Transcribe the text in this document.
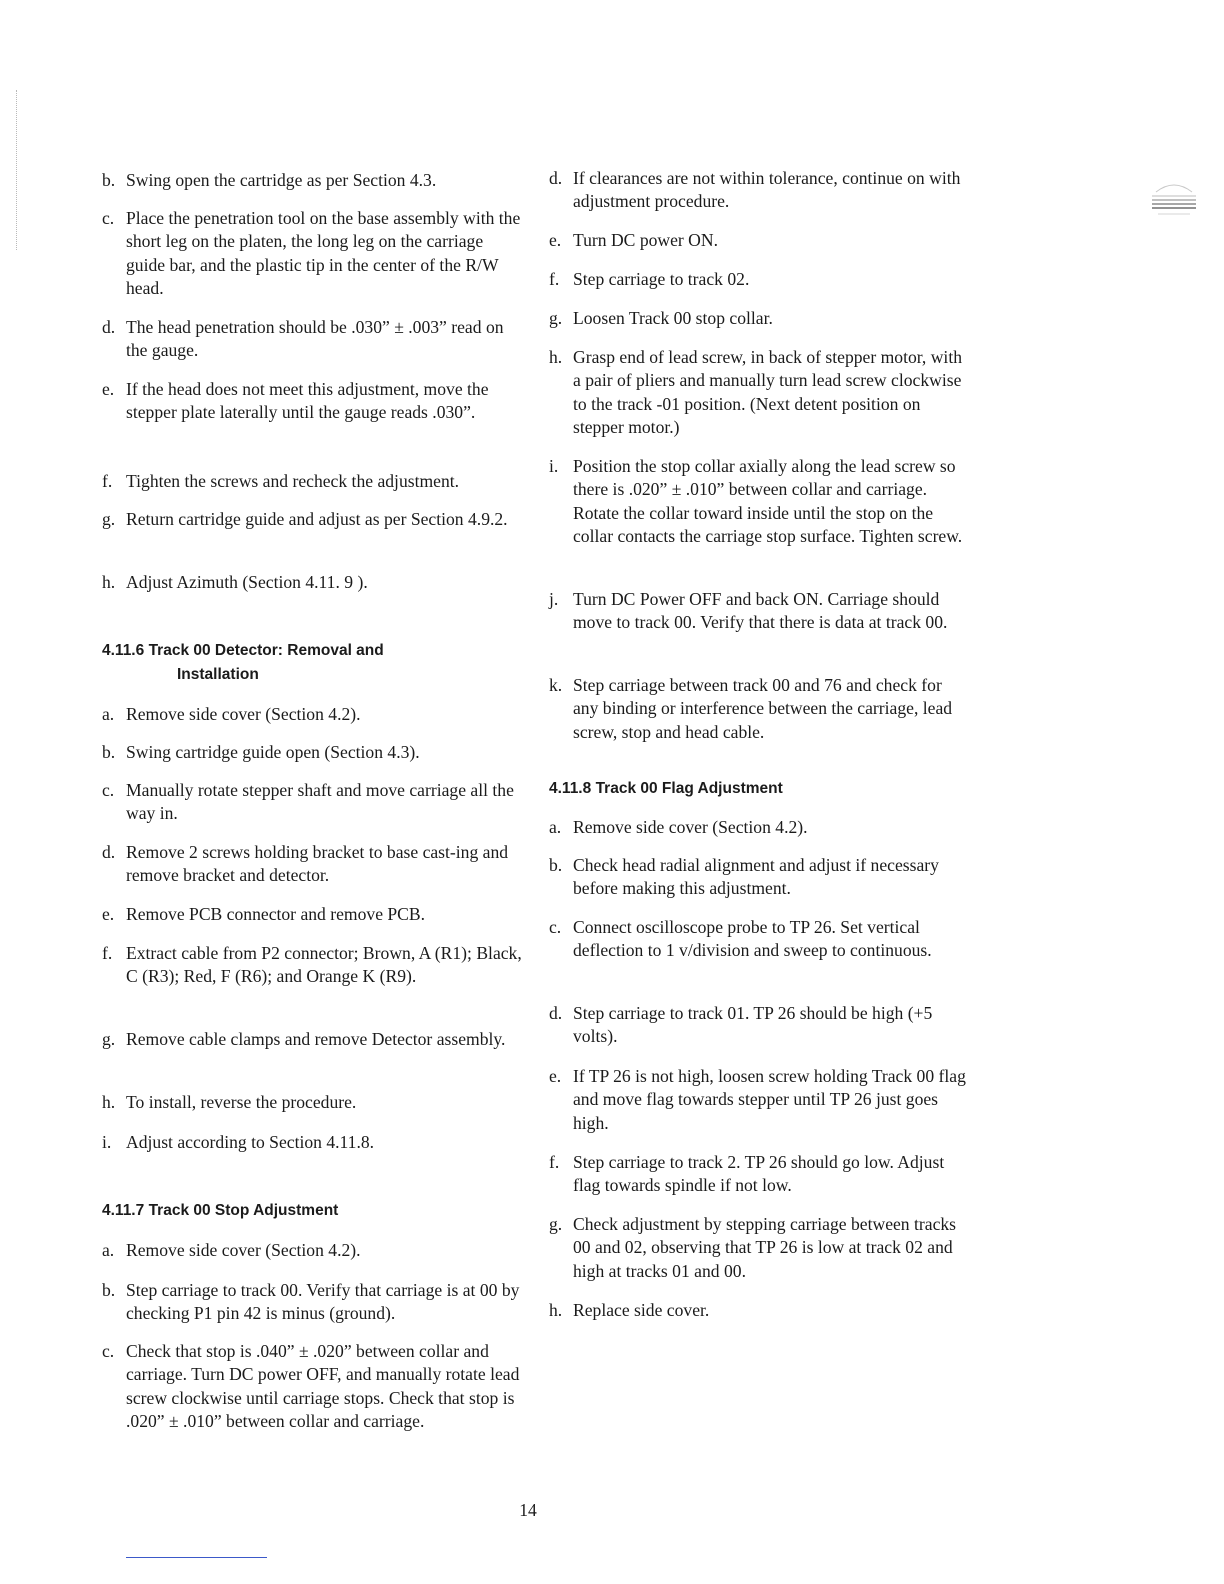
b. Swing open the cartridge as per Section 4.3.
c. Place the penetration tool on the base assembly with the short leg on the platen, the long leg on the carriage guide bar, and the plastic tip in the center of the R/W head.
d. The head penetration should be .030” ± .003” read on the gauge.
e. If the head does not meet this adjustment, move the stepper plate laterally until the gauge reads .030”.
f. Tighten the screws and recheck the adjustment.
g. Return cartridge guide and adjust as per Section 4.9.2.
h. Adjust Azimuth (Section 4.11. 9 ).
4.11.6 Track 00 Detector: Removal and
Installation
a. Remove side cover (Section 4.2).
b. Swing cartridge guide open (Section 4.3).
c. Manually rotate stepper shaft and move carriage all the way in.
d. Remove 2 screws holding bracket to base cast-ing and remove bracket and detector.
e. Remove PCB connector and remove PCB.
f. Extract cable from P2 connector; Brown, A (R1); Black, C (R3); Red, F (R6); and Orange K (R9).
g. Remove cable clamps and remove Detector assembly.
h. To install, reverse the procedure.
i. Adjust according to Section 4.11.8.
4.11.7 Track 00 Stop Adjustment
a. Remove side cover (Section 4.2).
b. Step carriage to track 00. Verify that carriage is at 00 by checking P1 pin 42 is minus (ground).
c. Check that stop is .040” ± .020” between collar and carriage. Turn DC power OFF, and manually rotate lead screw clockwise until carriage stops. Check that stop is .020” ± .010” between collar and carriage.
d. If clearances are not within tolerance, continue on with adjustment procedure.
e. Turn DC power ON.
f. Step carriage to track 02.
g. Loosen Track 00 stop collar.
h. Grasp end of lead screw, in back of stepper motor, with a pair of pliers and manually turn lead screw clockwise to the track -01 position. (Next detent position on stepper motor.)
i. Position the stop collar axially along the lead screw so there is .020” ± .010” between collar and carriage. Rotate the collar toward inside until the stop on the collar contacts the carriage stop surface. Tighten screw.
j. Turn DC Power OFF and back ON. Carriage should move to track 00. Verify that there is data at track 00.
k. Step carriage between track 00 and 76 and check for any binding or interference between the carriage, lead screw, stop and head cable.
4.11.8 Track 00 Flag Adjustment
a. Remove side cover (Section 4.2).
b. Check head radial alignment and adjust if necessary before making this adjustment.
c. Connect oscilloscope probe to TP 26. Set vertical deflection to 1 v/division and sweep to continuous.
d. Step carriage to track 01. TP 26 should be high (+5 volts).
e. If TP 26 is not high, loosen screw holding Track 00 flag and move flag towards stepper until TP 26 just goes high.
f. Step carriage to track 2. TP 26 should go low. Adjust flag towards spindle if not low.
g. Check adjustment by stepping carriage between tracks 00 and 02, observing that TP 26 is low at track 02 and high at tracks 01 and 00.
h. Replace side cover.
14
